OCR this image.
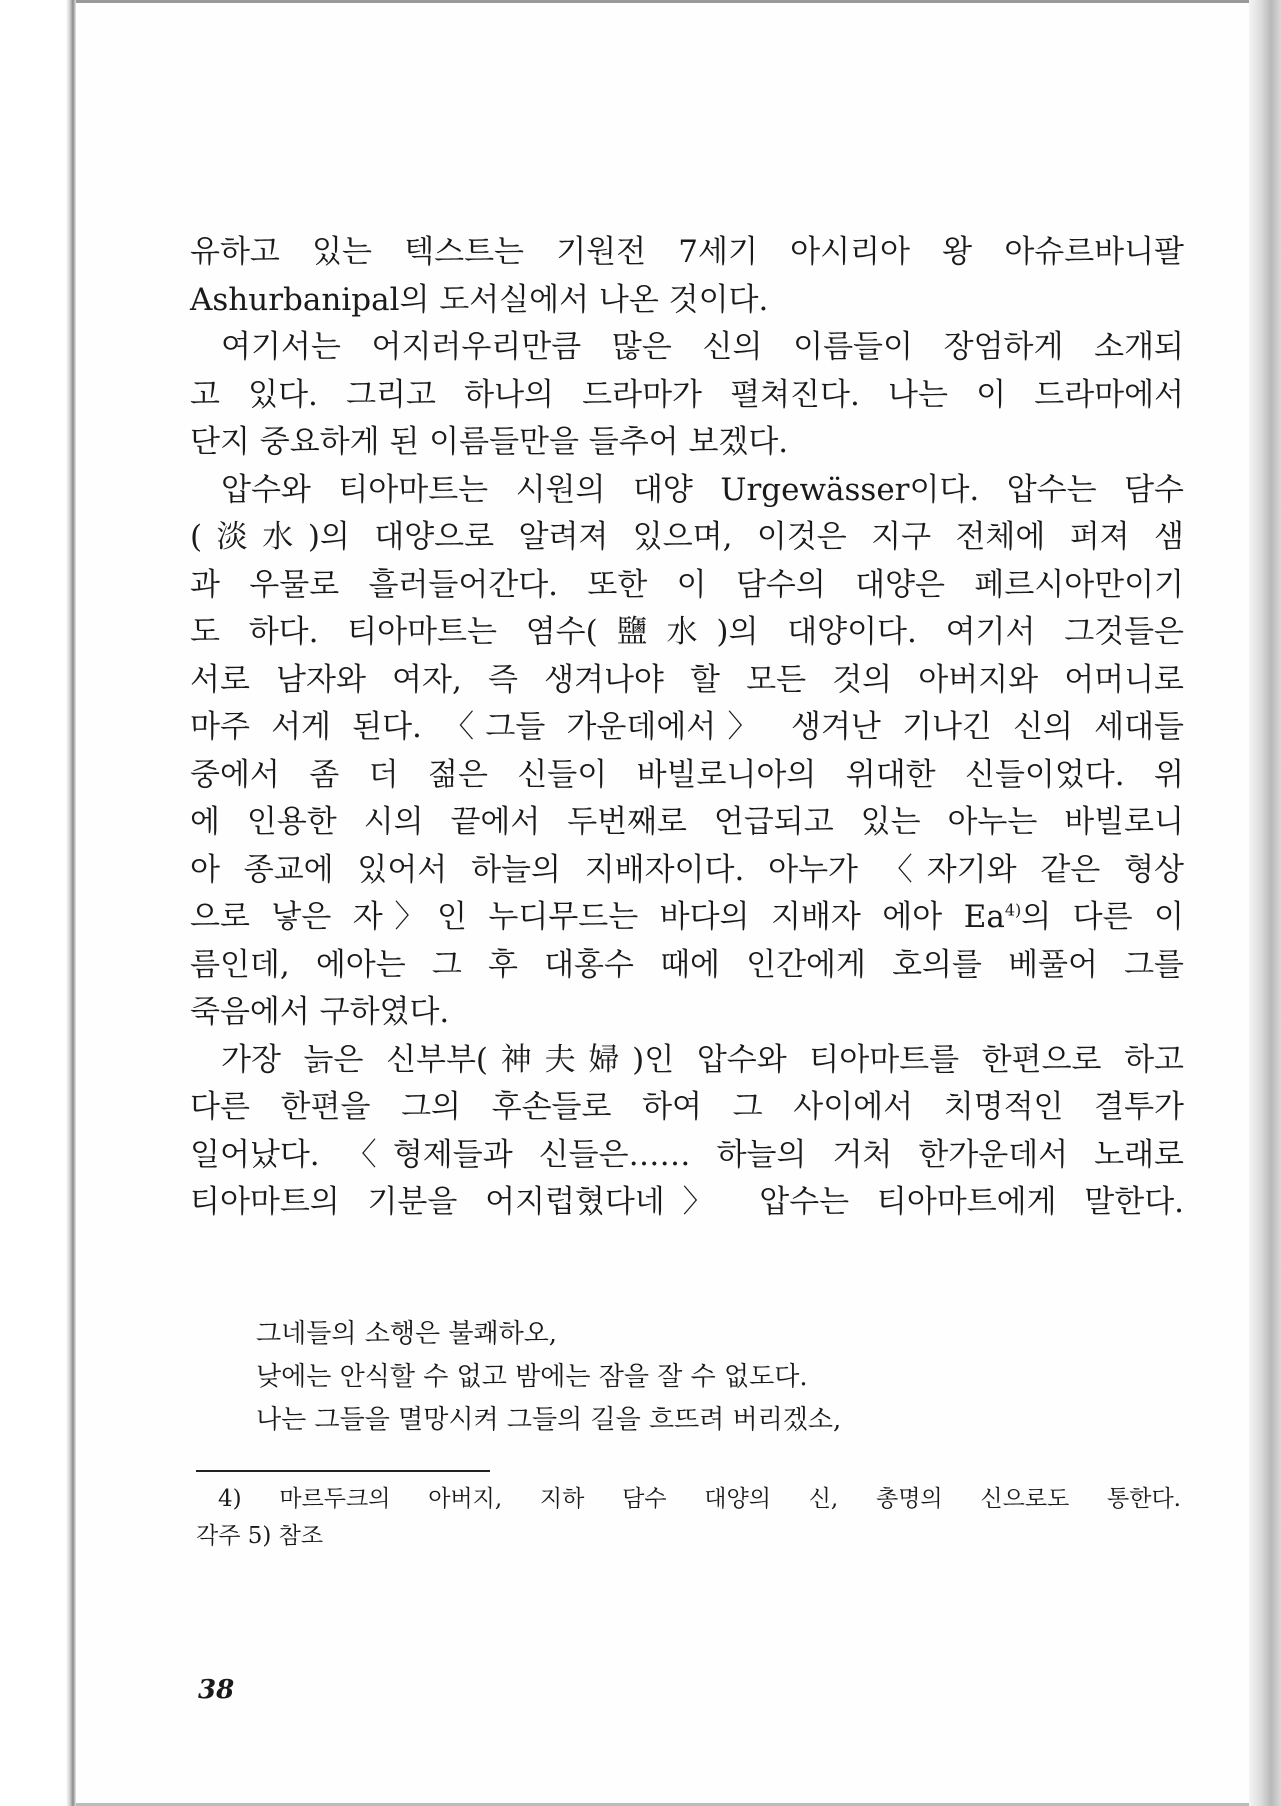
유하고 있는 텍스트는 기원전 7세기 아시리아 왕 아슈르바니팔

Ashurbanipal의 도서실에서 나온 것이다.

여기서는 어지러우리만큼 많은 신의 이름들이 장엄하게 소개되

고 있다. 그리고 하나의 드라마가 펼쳐진다. 나는 이 드라마에서

단지 중요하게 된 이름들만을 들추어 보겠다.

압수와 티아마트는 시원의 대양 Urgewässer이다. 압수는 담수

(淡水)의 대양으로 알려져 있으며, 이것은 지구 전체에 퍼져 샘

과 우물로 흘러들어간다. 또한 이 담수의 대양은 페르시아만이기

도 하다. 티아마트는 염수(鹽水)의 대양이다. 여기서 그것들은

서로 남자와 여자, 즉 생겨나야 할 모든 것의 아버지와 어머니로

마주 서게 된다. 〈그들 가운데에서〉 생겨난 기나긴 신의 세대들

중에서 좀 더 젊은 신들이 바빌로니아의 위대한 신들이었다. 위

에 인용한 시의 끝에서 두번째로 언급되고 있는 아누는 바빌로니

아 종교에 있어서 하늘의 지배자이다. 아누가 〈자기와 같은 형상

으로 낳은 자〉인 누디무드는 바다의 지배자 에아 Ea$^{4)}$의 다른 이

름인데, 에아는 그 후 대홍수 때에 인간에게 호의를 베풀어 그를

죽음에서 구하였다.

가장 늙은 신부부(神夫婦)인 압수와 티아마트를 한편으로 하고

다른 한편을 그의 후손들로 하여 그 사이에서 치명적인 결투가

일어났다. 〈형제들과 신들은…… 하늘의 거처 한가운데서 노래로

티아마트의 기분을 어지럽혔다네〉 압수는 티아마트에게 말한다.

그네들의 소행은 불쾌하오,

낮에는 안식할 수 없고 밤에는 잠을 잘 수 없도다.

나는 그들을 멸망시켜 그들의 길을 흐뜨려 버리겠소,

4) 마르두크의 아버지, 지하 담수 대양의 신, 총명의 신으로도 통한다.
각주 5) 참조
38
